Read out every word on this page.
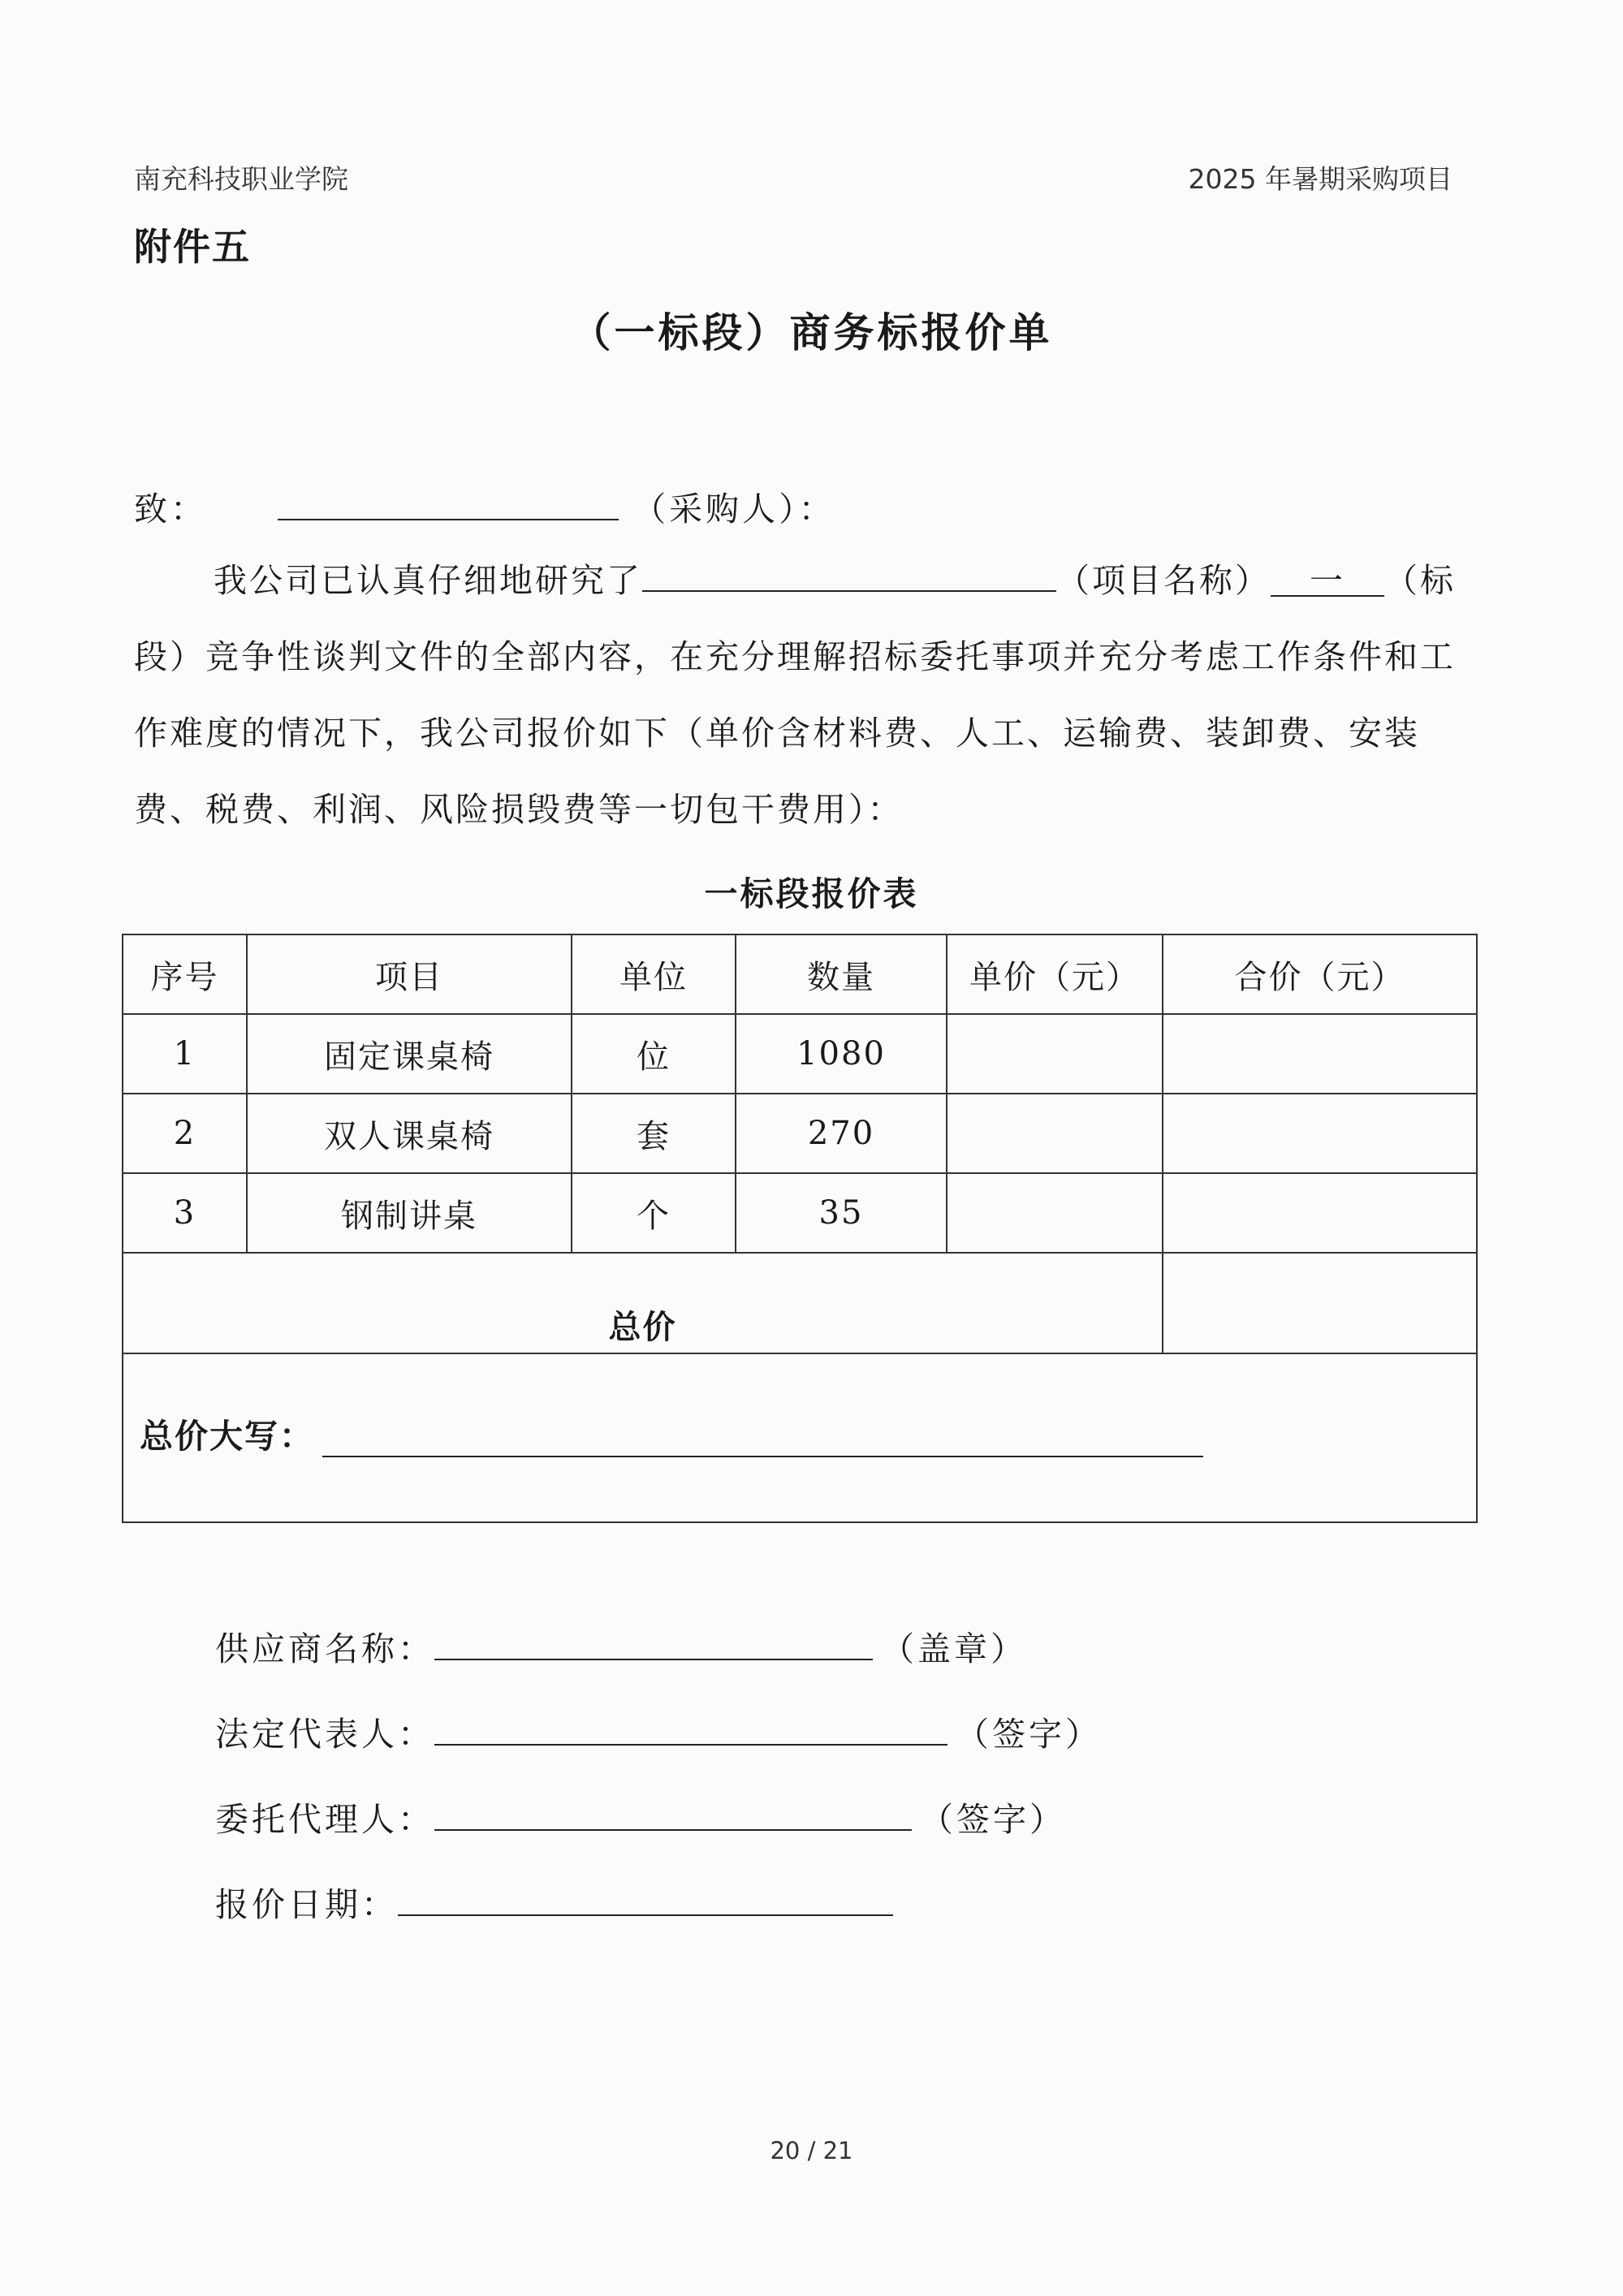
南充科技职业学院	2025 年暑期采购项目
附件五
（一标段）商务标报价单
致：	（采购人）：
我公司已认真仔细地研究了	（项目名称） 一 （标段）竞争性谈判文件的全部内容，在充分理解招标委托事项并充分考虑工作条件和工作难度的情况下，我公司报价如下（单价含材料费、人工、运输费、装卸费、安装费、税费、利润、风险损毁费等一切包干费用）：
一标段报价表
序号	项目	单位	数量	单价（元）	合价（元）
1	固定课桌椅	位	1080		
2	双人课桌椅	套	270		
3	钢制讲桌	个	35		
总价					

总价大写：					
供应商名称：	（盖章）
法定代表人：	（签字）
委托代理人：	（签字）
报价日期：
20 / 21
